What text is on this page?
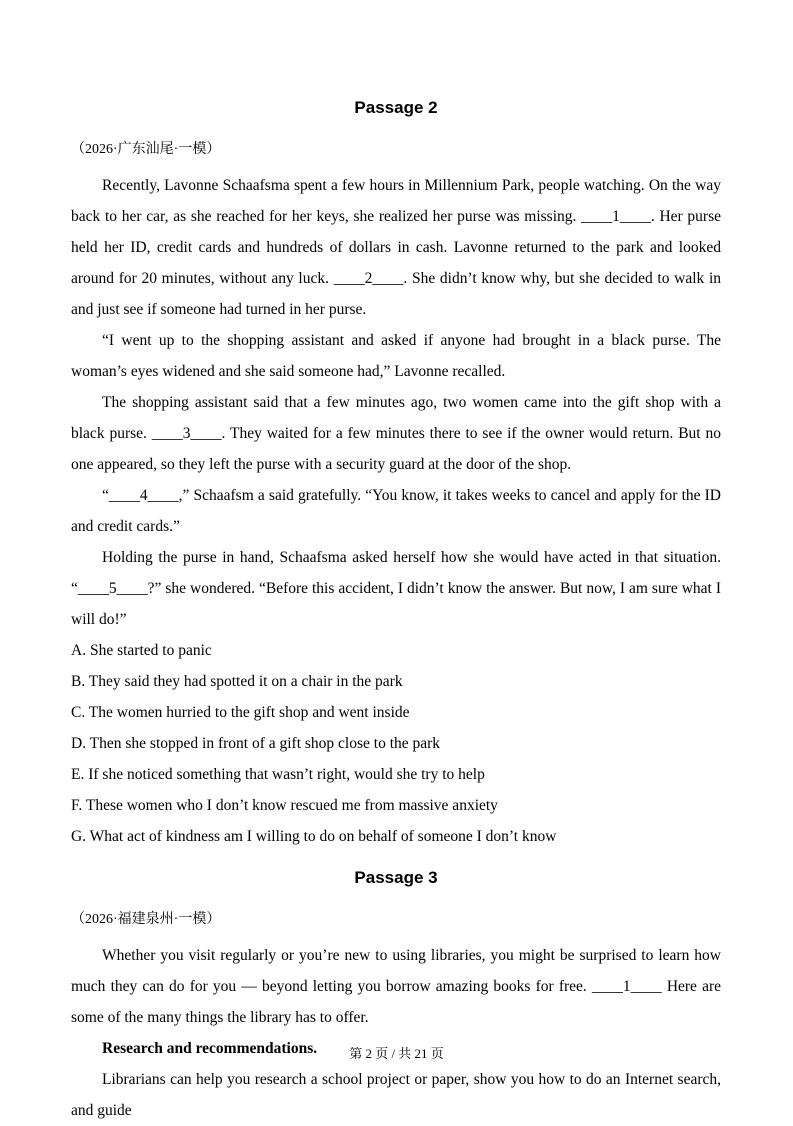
Passage 2

（2026·广东汕尾·一模）

Recently, Lavonne Schaafsma spent a few hours in Millennium Park, people watching. On the way back to her car, as she reached for her keys, she realized her purse was missing. ____1____. Her purse held her ID, credit cards and hundreds of dollars in cash. Lavonne returned to the park and looked around for 20 minutes, without any luck. ____2____. She didn’t know why, but she decided to walk in and just see if someone had turned in her purse.

“I went up to the shopping assistant and asked if anyone had brought in a black purse. The woman’s eyes widened and she said someone had,” Lavonne recalled.

The shopping assistant said that a few minutes ago, two women came into the gift shop with a black purse. ____3____. They waited for a few minutes there to see if the owner would return. But no one appeared, so they left the purse with a security guard at the door of the shop.

“____4____,” Schaafsm a said gratefully. “You know, it takes weeks to cancel and apply for the ID and credit cards.”

Holding the purse in hand, Schaafsma asked herself how she would have acted in that situation. “____5____?” she wondered. “Before this accident, I didn’t know the answer. But now, I am sure what I will do!”

A. She started to panic

B. They said they had spotted it on a chair in the park

C. The women hurried to the gift shop and went inside

D. Then she stopped in front of a gift shop close to the park

E. If she noticed something that wasn’t right, would she try to help

F. These women who I don’t know rescued me from massive anxiety

G. What act of kindness am I willing to do on behalf of someone I don’t know

Passage 3

（2026·福建泉州·一模）

Whether you visit regularly or you’re new to using libraries, you might be surprised to learn how much they can do for you — beyond letting you borrow amazing books for free. ____1____ Here are some of the many things the library has to offer.

Research and recommendations.

Librarians can help you research a school project or paper, show you how to do an Internet search, and guide

第 2 页 / 共 21 页
